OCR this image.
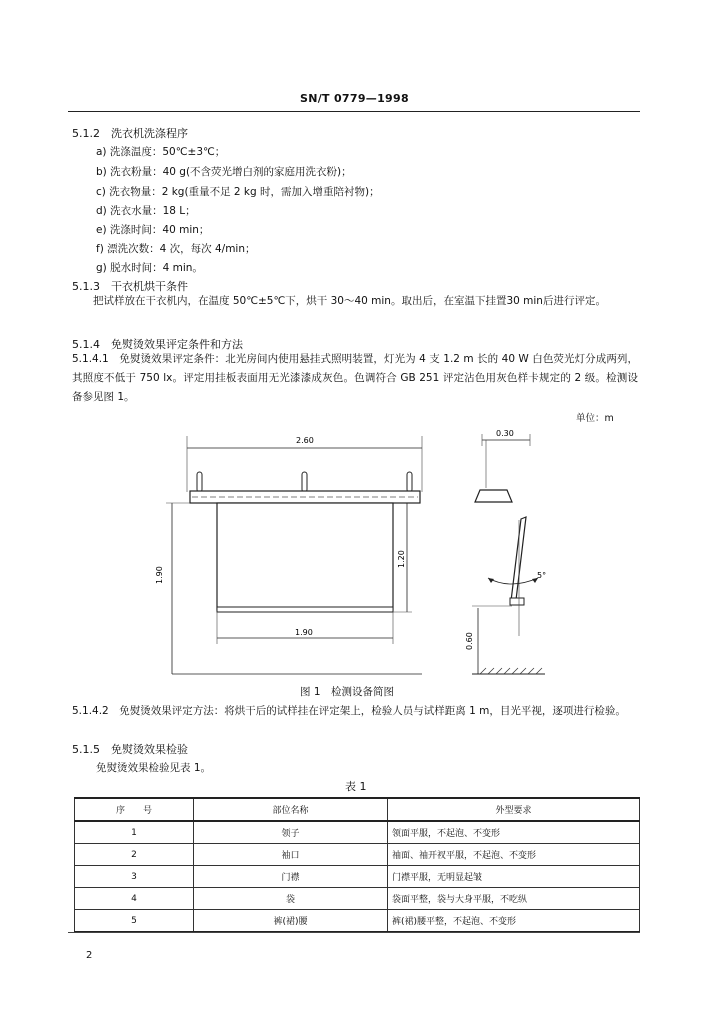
SN/T 0779—1998
5.1.2　洗衣机洗涤程序
a) 洗涤温度：50℃±3℃；
b) 洗衣粉量：40 g(不含荧光增白剂的家庭用洗衣粉)；
c) 洗衣物量：2 kg(重量不足 2 kg 时，需加入增重陪衬物)；
d) 洗衣水量：18 L；
e) 洗涤时间：40 min；
f) 漂洗次数：4 次，每次 4/min；
g) 脱水时间：4 min。
5.1.3　干衣机烘干条件
　　把试样放在干衣机内，在温度 50℃±5℃下，烘干 30～40 min。取出后，在室温下挂置30 min后进行评定。
5.1.4　免熨烫效果评定条件和方法
5.1.4.1　免熨烫效果评定条件：北光房间内使用悬挂式照明装置，灯光为 4 支 1.2 m 长的 40 W 白色荧光灯分成两列，其照度不低于 750 lx。评定用挂板表面用无光漆漆成灰色。色调符合 GB 251 评定沾色用灰色样卡规定的 2 级。检测设备参见图 1。
单位：m
2.60
1.90
1.20
1.90
0.30
5°
0.60
图 1　检测设备简图
5.1.4.2　免熨烫效果评定方法：将烘干后的试样挂在评定架上，检验人员与试样距离 1 m，目光平视，逐项进行检验。
5.1.5　免熨烫效果检验
免熨烫效果检验见表 1。
表 1
序　　号	部位名称	外型要求
1	领子	领面平服，不起泡、不变形
2	袖口	袖面、袖开衩平服，不起泡、不变形
3	门襟	门襟平服，无明显起皱
4	袋	袋面平整，袋与大身平服，不吃纵
5	裤(裙)腰	裤(裙)腰平整，不起泡、不变形
2
